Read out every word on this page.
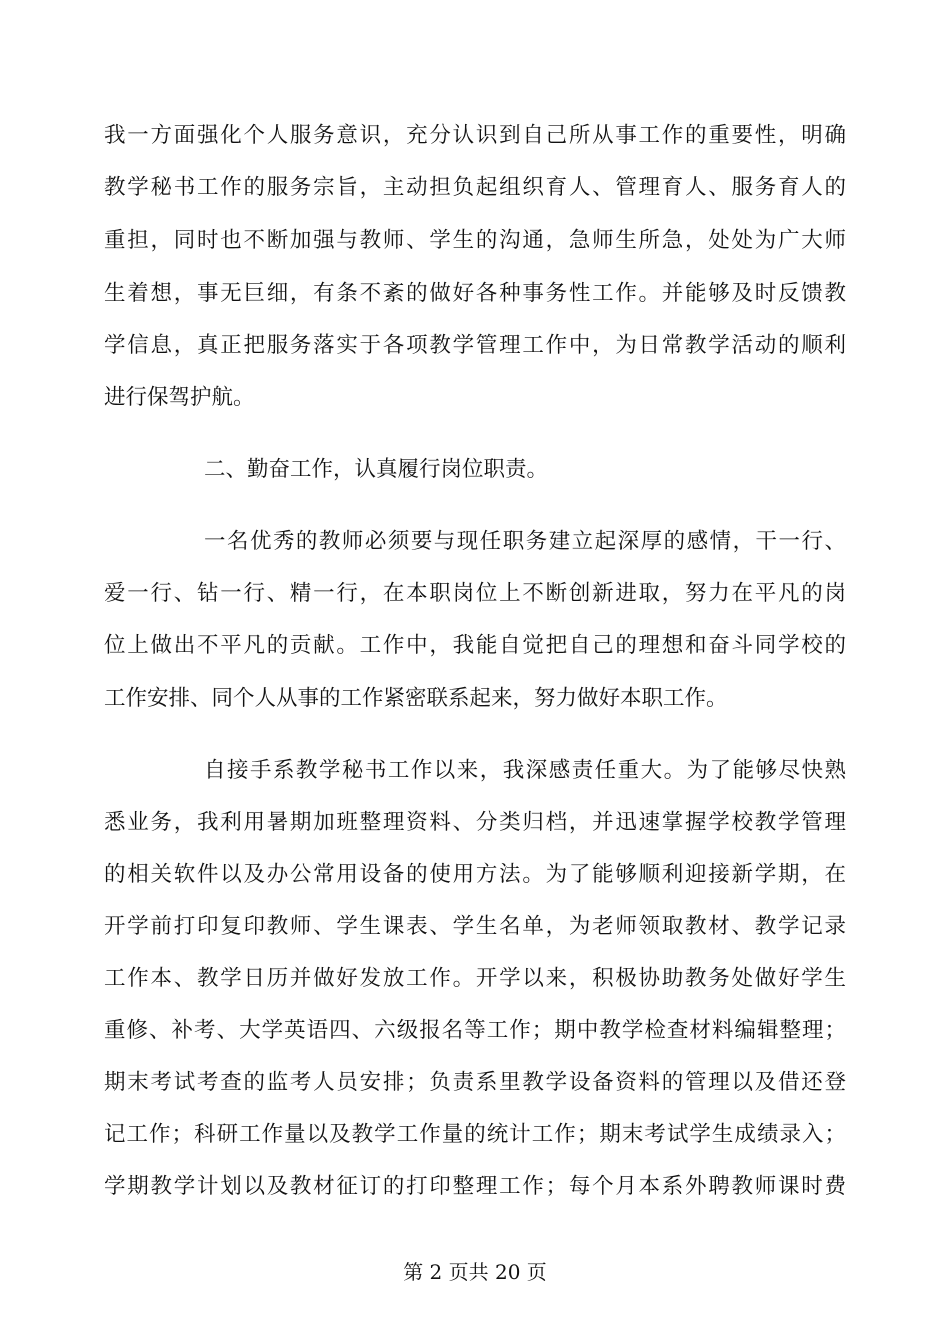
我一方面强化个人服务意识，充分认识到自己所从事工作的重要性，明确
教学秘书工作的服务宗旨，主动担负起组织育人、管理育人、服务育人的
重担，同时也不断加强与教师、学生的沟通，急师生所急，处处为广大师
生着想，事无巨细，有条不紊的做好各种事务性工作。并能够及时反馈教
学信息，真正把服务落实于各项教学管理工作中，为日常教学活动的顺利
进行保驾护航。
二、勤奋工作，认真履行岗位职责。
一名优秀的教师必须要与现任职务建立起深厚的感情，干一行、
爱一行、钻一行、精一行，在本职岗位上不断创新进取，努力在平凡的岗
位上做出不平凡的贡献。工作中，我能自觉把自己的理想和奋斗同学校的
工作安排、同个人从事的工作紧密联系起来，努力做好本职工作。
自接手系教学秘书工作以来，我深感责任重大。为了能够尽快熟
悉业务，我利用暑期加班整理资料、分类归档，并迅速掌握学校教学管理
的相关软件以及办公常用设备的使用方法。为了能够顺利迎接新学期，在
开学前打印复印教师、学生课表、学生名单，为老师领取教材、教学记录
工作本、教学日历并做好发放工作。开学以来，积极协助教务处做好学生
重修、补考、大学英语四、六级报名等工作；期中教学检查材料编辑整理；
期末考试考查的监考人员安排；负责系里教学设备资料的管理以及借还登
记工作；科研工作量以及教学工作量的统计工作；期末考试学生成绩录入；
学期教学计划以及教材征订的打印整理工作；每个月本系外聘教师课时费
第 2 页共 20 页
